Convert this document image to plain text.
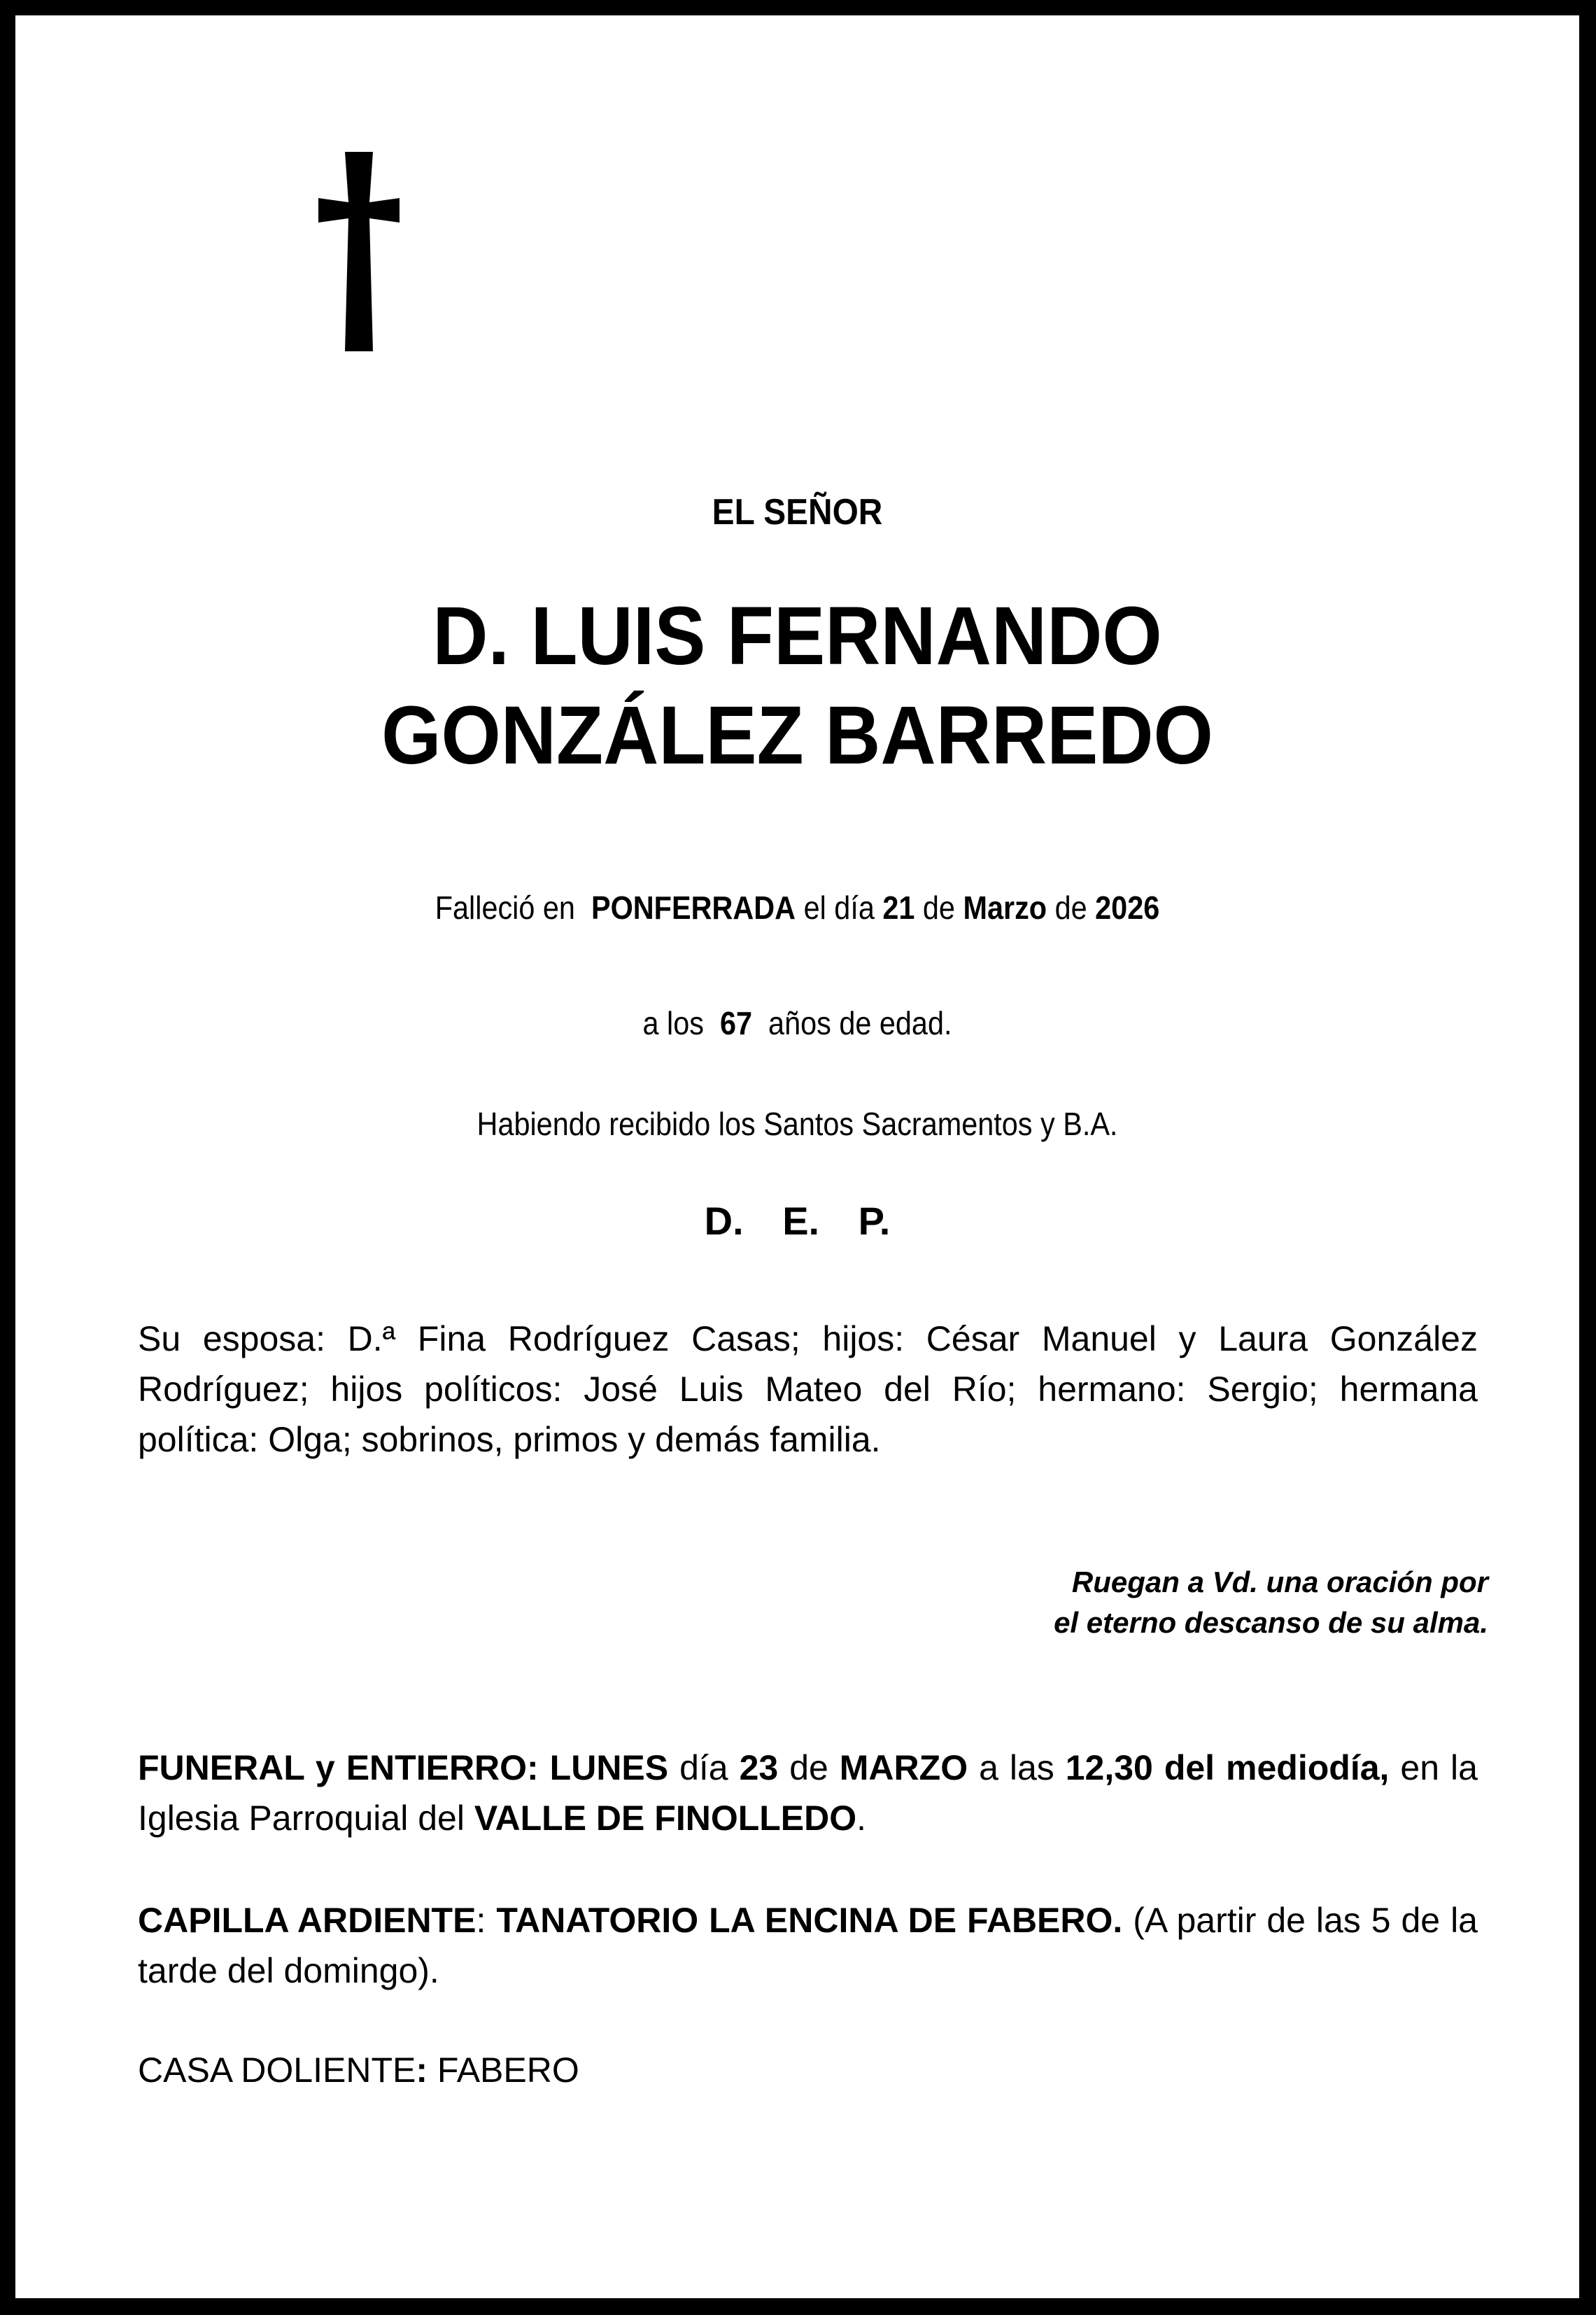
EL SEÑOR
D. LUIS FERNANDO
GONZÁLEZ BARREDO
Falleció en PONFERRADA el día 21 de Marzo de 2026
a los 67 años de edad.
Habiendo recibido los Santos Sacramentos y B.A.
D. E. P.
Su esposa: D.ª Fina Rodríguez Casas; hijos: César Manuel y Laura González Rodríguez; hijos políticos: José Luis Mateo del Río; hermano: Sergio; hermana política: Olga; sobrinos, primos y demás familia.
Ruegan a Vd. una oración por
el eterno descanso de su alma.
FUNERAL y ENTIERRO: LUNES día 23 de MARZO a las 12,30 del mediodía, en la Iglesia Parroquial del VALLE DE FINOLLEDO.
CAPILLA ARDIENTE: TANATORIO LA ENCINA DE FABERO. (A partir de las 5 de la tarde del domingo).
CASA DOLIENTE: FABERO
